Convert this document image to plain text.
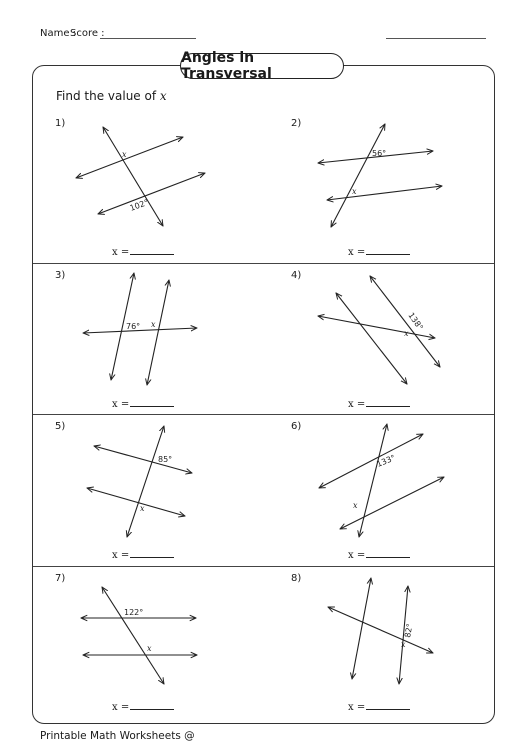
Name :
Score :
Angles in Transversal
Find the value of x
1)	2)
3)	4)
5)	6)
7)	8)
x =	x =
x =	x =
x =	x =
x =	x =
x
102°
56°
x
76° x	138°
x
85°
x
133°
x
122°
x
82°
x
Printable Math Worksheets @
